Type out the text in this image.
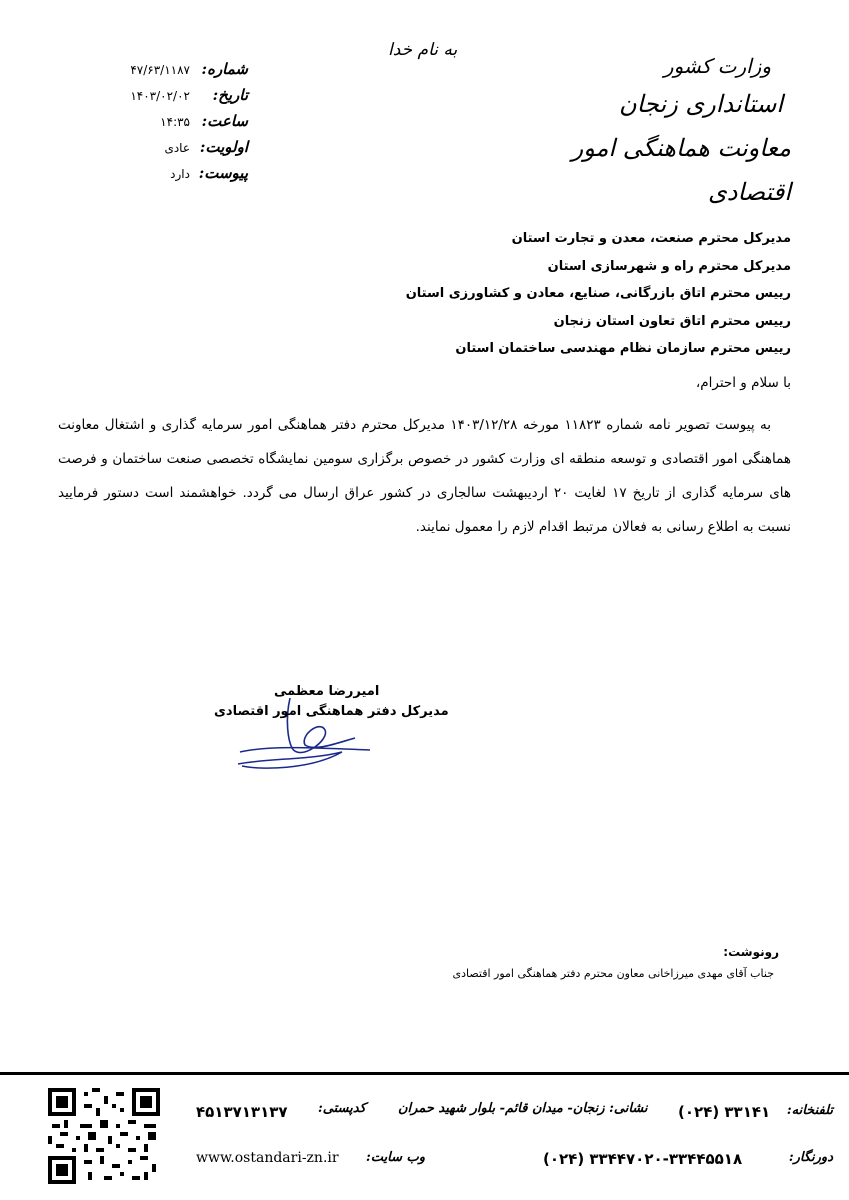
به نام خدا
وزارت کشور
استانداری زنجان
معاونت هماهنگی امور اقتصادی
شماره:
۴۷/۶۳/۱۱۸۷
تاریخ:
۱۴۰۳/۰۲/۰۲
ساعت:
۱۴:۳۵
اولویت:
عادی
پیوست:
دارد
مدیرکل محترم صنعت، معدن و تجارت استان
مدیرکل محترم راه و شهرسازی استان
رییس محترم اتاق بازرگانی، صنایع، معادن و کشاورزی استان
رییس محترم اتاق تعاون استان زنجان
رییس محترم سازمان نظام مهندسی ساختمان استان
با سلام و احترام،
به پیوست تصویر نامه شماره ۱۱۸۲۳ مورخه ۱۴۰۳/۱۲/۲۸ مدیرکل محترم دفتر هماهنگی امور سرمایه گذاری و اشتغال معاونت هماهنگی امور اقتصادی و توسعه منطقه ای وزارت کشور در خصوص برگزاری سومین نمایشگاه تخصصی صنعت ساختمان و فرصت های سرمایه گذاری از تاریخ ۱۷ لغایت ۲۰ اردیبهشت سالجاری در کشور عراق ارسال می گردد. خواهشمند است دستور فرمایید نسبت به اطلاع رسانی به فعالان مرتبط اقدام لازم را معمول نمایند.
امیررضا معظمی
مدیرکل دفتر هماهنگی امور اقتصادی
رونوشت:
جناب آقای مهدی میرزاخانی معاون محترم دفتر هماهنگی امور اقتصادی
تلفنخانه:
(۰۲۴) ۳۳۱۴۱
نشانی: زنجان- میدان قائم- بلوار شهید حمران
کدپستی:
۴۵۱۳۷۱۳۱۳۷
دورنگار:
(۰۲۴) ۳۳۴۴۷۰۲۰-۳۳۴۴۵۵۱۸
وب سایت:
www.ostandari-zn.ir
